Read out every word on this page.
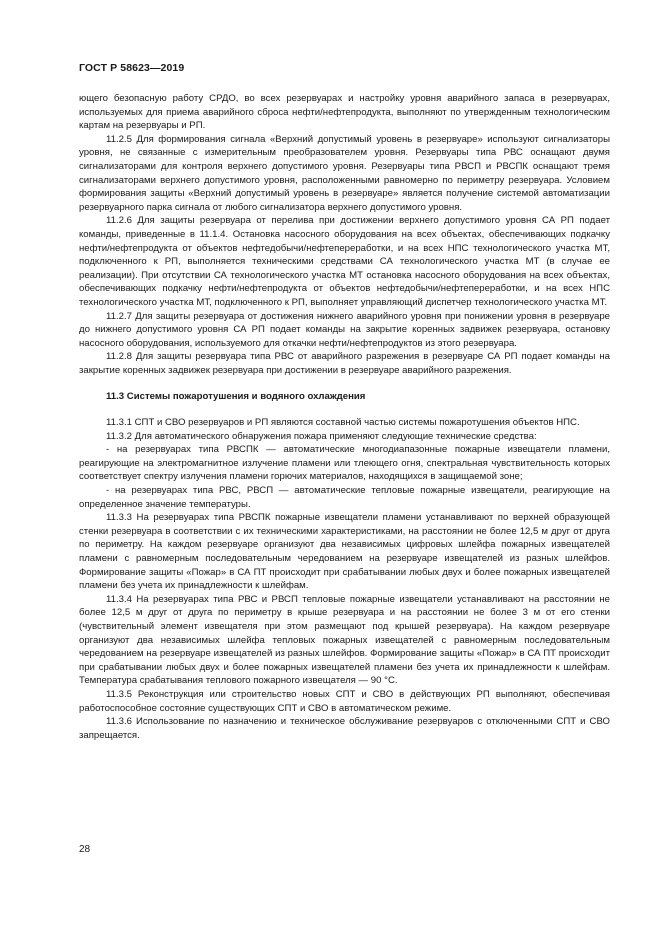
ГОСТ Р 58623—2019

ющего безопасную работу СРДО, во всех резервуарах и настройку уровня аварийного запаса в резервуарах, используемых для приема аварийного сброса нефти/нефтепродукта, выполняют по утвержденным технологическим картам на резервуары и РП.

11.2.5 Для формирования сигнала «Верхний допустимый уровень в резервуаре» используют сигнализаторы уровня, не связанные с измерительным преобразователем уровня. Резервуары типа РВС оснащают двумя сигнализаторами для контроля верхнего допустимого уровня. Резервуары типа РВСП и РВСПК оснащают тремя сигнализаторами верхнего допустимого уровня, расположенными равномерно по периметру резервуара. Условием формирования защиты «Верхний допустимый уровень в резервуаре» является получение системой автоматизации резервуарного парка сигнала от любого сигнализатора верхнего допустимого уровня.

11.2.6 Для защиты резервуара от перелива при достижении верхнего допустимого уровня СА РП подает команды, приведенные в 11.1.4. Остановка насосного оборудования на всех объектах, обеспечивающих подкачку нефти/нефтепродукта от объектов нефтедобычи/нефтепереработки, и на всех НПС технологического участка МТ, подключенного к РП, выполняется техническими средствами СА технологического участка МТ (в случае ее реализации). При отсутствии СА технологического участка МТ остановка насосного оборудования на всех объектах, обеспечивающих подкачку нефти/нефтепродукта от объектов нефтедобычи/нефтепереработки, и на всех НПС технологического участка МТ, подключенного к РП, выполняет управляющий диспетчер технологического участка МТ.

11.2.7 Для защиты резервуара от достижения нижнего аварийного уровня при понижении уровня в резервуаре до нижнего допустимого уровня СА РП подает команды на закрытие коренных задвижек резервуара, остановку насосного оборудования, используемого для откачки нефти/нефтепродуктов из этого резервуара.

11.2.8 Для защиты резервуара типа РВС от аварийного разрежения в резервуаре СА РП подает команды на закрытие коренных задвижек резервуара при достижении в резервуаре аварийного разрежения.

11.3 Системы пожаротушения и водяного охлаждения

11.3.1 СПТ и СВО резервуаров и РП являются составной частью системы пожаротушения объектов НПС.

11.3.2 Для автоматического обнаружения пожара применяют следующие технические средства:

- на резервуарах типа РВСПК — автоматические многодиапазонные пожарные извещатели пламени, реагирующие на электромагнитное излучение пламени или тлеющего огня, спектральная чувствительность которых соответствует спектру излучения пламени горючих материалов, находящихся в защищаемой зоне;

- на резервуарах типа РВС, РВСП — автоматические тепловые пожарные извещатели, реагирующие на определенное значение температуры.

11.3.3 На резервуарах типа РВСПК пожарные извещатели пламени устанавливают по верхней образующей стенки резервуара в соответствии с их техническими характеристиками, на расстоянии не более 12,5 м друг от друга по периметру. На каждом резервуаре организуют два независимых цифровых шлейфа пожарных извещателей пламени с равномерным последовательным чередованием на резервуаре извещателей из разных шлейфов. Формирование защиты «Пожар» в СА ПТ происходит при срабатывании любых двух и более пожарных извещателей пламени без учета их принадлежности к шлейфам.

11.3.4 На резервуарах типа РВС и РВСП тепловые пожарные извещатели устанавливают на расстоянии не более 12,5 м друг от друга по периметру в крыше резервуара и на расстоянии не более 3 м от его стенки (чувствительный элемент извещателя при этом размещают под крышей резервуара). На каждом резервуаре организуют два независимых шлейфа тепловых пожарных извещателей с равномерным последовательным чередованием на резервуаре извещателей из разных шлейфов. Формирование защиты «Пожар» в СА ПТ происходит при срабатывании любых двух и более пожарных извещателей пламени без учета их принадлежности к шлейфам. Температура срабатывания теплового пожарного извещателя — 90 °С.

11.3.5 Реконструкция или строительство новых СПТ и СВО в действующих РП выполняют, обеспечивая работоспособное состояние существующих СПТ и СВО в автоматическом режиме.

11.3.6 Использование по назначению и техническое обслуживание резервуаров с отключенными СПТ и СВО запрещается.

28
